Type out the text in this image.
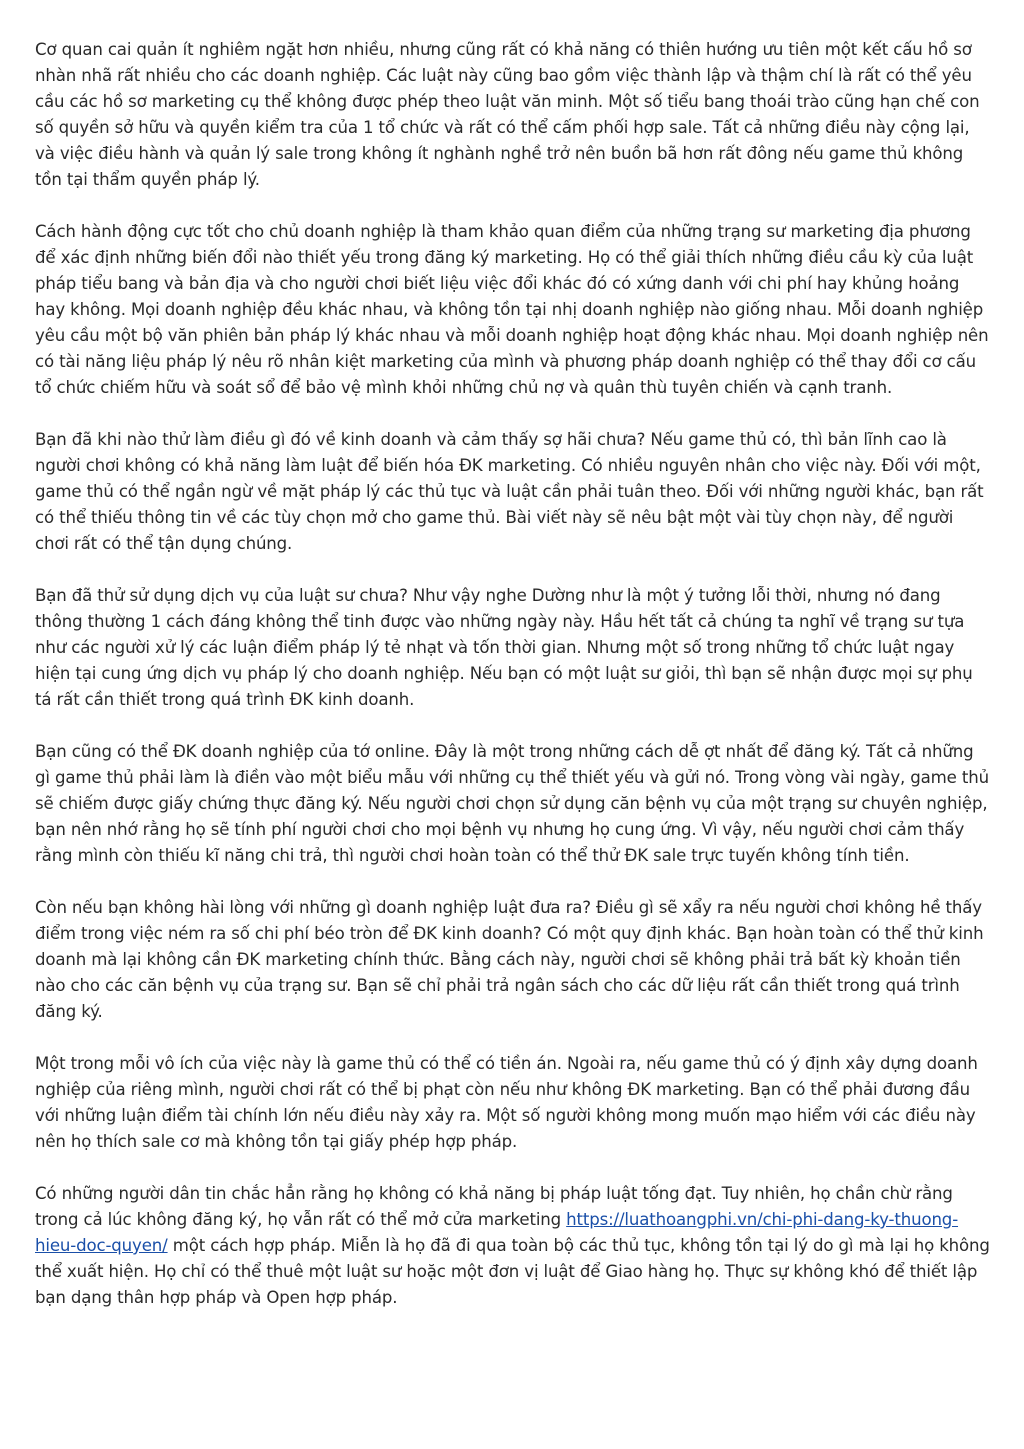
Cơ quan cai quản ít nghiêm ngặt hơn nhiều, nhưng cũng rất có khả năng có thiên hướng ưu tiên một kết cấu hồ sơ nhàn nhã rất nhiều cho các doanh nghiệp. Các luật này cũng bao gồm việc thành lập và thậm chí là rất có thể yêu cầu các hồ sơ marketing cụ thể không được phép theo luật văn minh. Một số tiểu bang thoái trào cũng hạn chế con số quyền sở hữu và quyền kiểm tra của 1 tổ chức và rất có thể cấm phối hợp sale. Tất cả những điều này cộng lại, và việc điều hành và quản lý sale trong không ít nghành nghề trở nên buồn bã hơn rất đông nếu game thủ không tồn tại thẩm quyền pháp lý.

Cách hành động cực tốt cho chủ doanh nghiệp là tham khảo quan điểm của những trạng sư marketing địa phương để xác định những biến đổi nào thiết yếu trong đăng ký marketing. Họ có thể giải thích những điều cầu kỳ của luật pháp tiểu bang và bản địa và cho người chơi biết liệu việc đổi khác đó có xứng danh với chi phí hay khủng hoảng hay không. Mọi doanh nghiệp đều khác nhau, và không tồn tại nhị doanh nghiệp nào giống nhau. Mỗi doanh nghiệp yêu cầu một bộ văn phiên bản pháp lý khác nhau và mỗi doanh nghiệp hoạt động khác nhau. Mọi doanh nghiệp nên có tài năng liệu pháp lý nêu rõ nhân kiệt marketing của mình và phương pháp doanh nghiệp có thể thay đổi cơ cấu tổ chức chiếm hữu và soát sổ để bảo vệ mình khỏi những chủ nợ và quân thù tuyên chiến và cạnh tranh.

Bạn đã khi nào thử làm điều gì đó về kinh doanh và cảm thấy sợ hãi chưa? Nếu game thủ có, thì bản lĩnh cao là người chơi không có khả năng làm luật để biến hóa ĐK marketing. Có nhiều nguyên nhân cho việc này. Đối với một, game thủ có thể ngần ngừ về mặt pháp lý các thủ tục và luật cần phải tuân theo. Đối với những người khác, bạn rất có thể thiếu thông tin về các tùy chọn mở cho game thủ. Bài viết này sẽ nêu bật một vài tùy chọn này, để người chơi rất có thể tận dụng chúng.

Bạn đã thử sử dụng dịch vụ của luật sư chưa? Như vậy nghe Dường như là một ý tưởng lỗi thời, nhưng nó đang thông thường 1 cách đáng không thể tinh được vào những ngày này. Hầu hết tất cả chúng ta nghĩ về trạng sư tựa như các người xử lý các luận điểm pháp lý tẻ nhạt và tốn thời gian. Nhưng một số trong những tổ chức luật ngay hiện tại cung ứng dịch vụ pháp lý cho doanh nghiệp. Nếu bạn có một luật sư giỏi, thì bạn sẽ nhận được mọi sự phụ tá rất cần thiết trong quá trình ĐK kinh doanh.

Bạn cũng có thể ĐK doanh nghiệp của tớ online. Đây là một trong những cách dễ ợt nhất để đăng ký. Tất cả những gì game thủ phải làm là điền vào một biểu mẫu với những cụ thể thiết yếu và gửi nó. Trong vòng vài ngày, game thủ sẽ chiếm được giấy chứng thực đăng ký. Nếu người chơi chọn sử dụng căn bệnh vụ của một trạng sư chuyên nghiệp, bạn nên nhớ rằng họ sẽ tính phí người chơi cho mọi bệnh vụ nhưng họ cung ứng. Vì vậy, nếu người chơi cảm thấy rằng mình còn thiếu kĩ năng chi trả, thì người chơi hoàn toàn có thể thử ĐK sale trực tuyến không tính tiền.

Còn nếu bạn không hài lòng với những gì doanh nghiệp luật đưa ra? Điều gì sẽ xẩy ra nếu người chơi không hề thấy điểm trong việc ném ra số chi phí béo tròn để ĐK kinh doanh? Có một quy định khác. Bạn hoàn toàn có thể thử kinh doanh mà lại không cần ĐK marketing chính thức. Bằng cách này, người chơi sẽ không phải trả bất kỳ khoản tiền nào cho các căn bệnh vụ của trạng sư. Bạn sẽ chỉ phải trả ngân sách cho các dữ liệu rất cần thiết trong quá trình đăng ký.

Một trong mỗi vô ích của việc này là game thủ có thể có tiền án. Ngoài ra, nếu game thủ có ý định xây dựng doanh nghiệp của riêng mình, người chơi rất có thể bị phạt còn nếu như không ĐK marketing. Bạn có thể phải đương đầu với những luận điểm tài chính lớn nếu điều này xảy ra. Một số người không mong muốn mạo hiểm với các điều này nên họ thích sale cơ mà không tồn tại giấy phép hợp pháp.

Có những người dân tin chắc hẳn rằng họ không có khả năng bị pháp luật tống đạt. Tuy nhiên, họ chần chừ rằng trong cả lúc không đăng ký, họ vẫn rất có thể mở cửa marketing https://luathoangphi.vn/chi-phi-dang-ky-thuong-hieu-doc-quyen/ một cách hợp pháp. Miễn là họ đã đi qua toàn bộ các thủ tục, không tồn tại lý do gì mà lại họ không thể xuất hiện. Họ chỉ có thể thuê một luật sư hoặc một đơn vị luật để Giao hàng họ. Thực sự không khó để thiết lập bạn dạng thân hợp pháp và Open hợp pháp.
